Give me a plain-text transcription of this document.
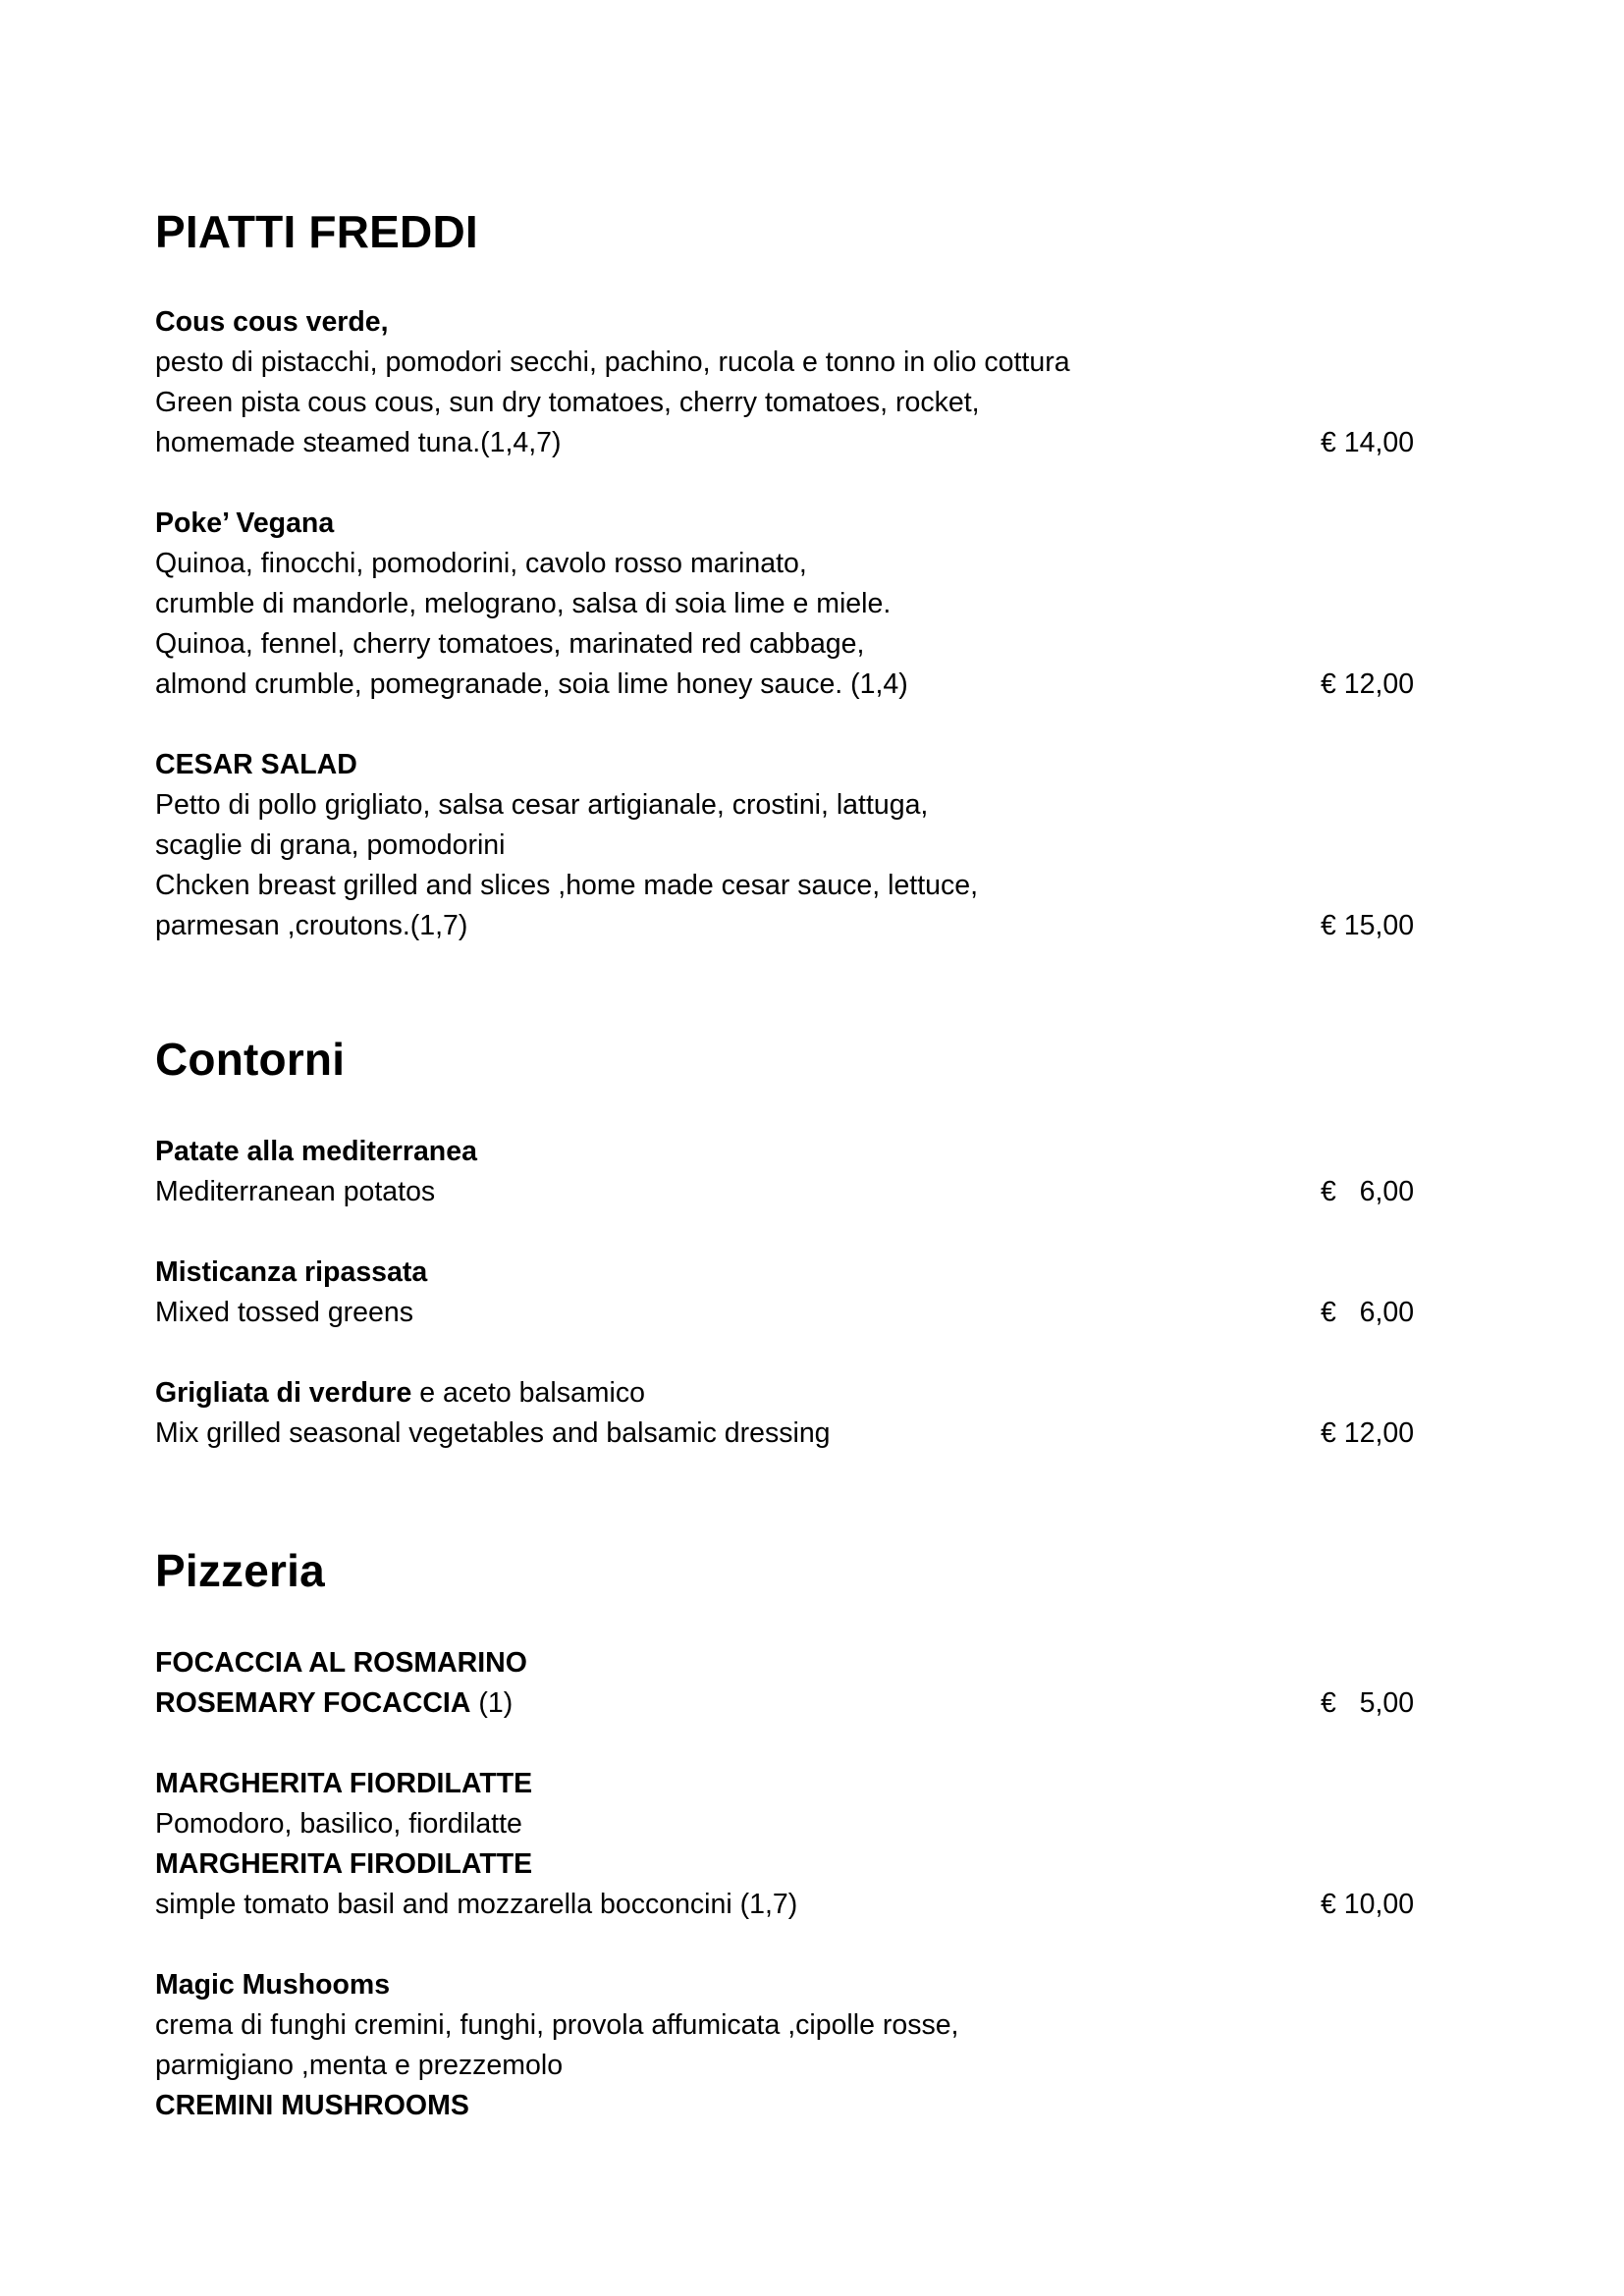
PIATTI FREDDI
Cous cous verde,
pesto di pistacchi, pomodori secchi, pachino, rucola e tonno in olio cottura
Green pista cous cous, sun dry tomatoes, cherry tomatoes, rocket,
homemade steamed tuna.(1,4,7)	€ 14,00
Poke’ Vegana
Quinoa, finocchi, pomodorini, cavolo rosso marinato,
crumble di mandorle, melograno, salsa di soia lime e miele.
Quinoa, fennel, cherry tomatoes, marinated red cabbage,
almond crumble, pomegranade, soia lime honey sauce. (1,4)	€ 12,00
CESAR SALAD
Petto di pollo grigliato, salsa cesar artigianale, crostini, lattuga,
scaglie di grana, pomodorini
Chcken breast grilled and slices ,home made cesar sauce, lettuce,
parmesan ,croutons.(1,7)	€ 15,00
Contorni
Patate alla mediterranea
Mediterranean potatos	€   6,00
Misticanza ripassata
Mixed tossed greens	€   6,00
Grigliata di verdure e aceto balsamico
Mix grilled seasonal vegetables and balsamic dressing	€ 12,00
Pizzeria
FOCACCIA AL ROSMARINO
ROSEMARY FOCACCIA (1)	€   5,00
MARGHERITA FIORDILATTE
Pomodoro, basilico, fiordilatte
MARGHERITA FIRODILATTE
simple tomato basil and mozzarella bocconcini (1,7)	€ 10,00
Magic Mushooms
crema di funghi cremini, funghi, provola affumicata ,cipolle rosse,
parmigiano ,menta e prezzemolo
CREMINI MUSHROOMS
